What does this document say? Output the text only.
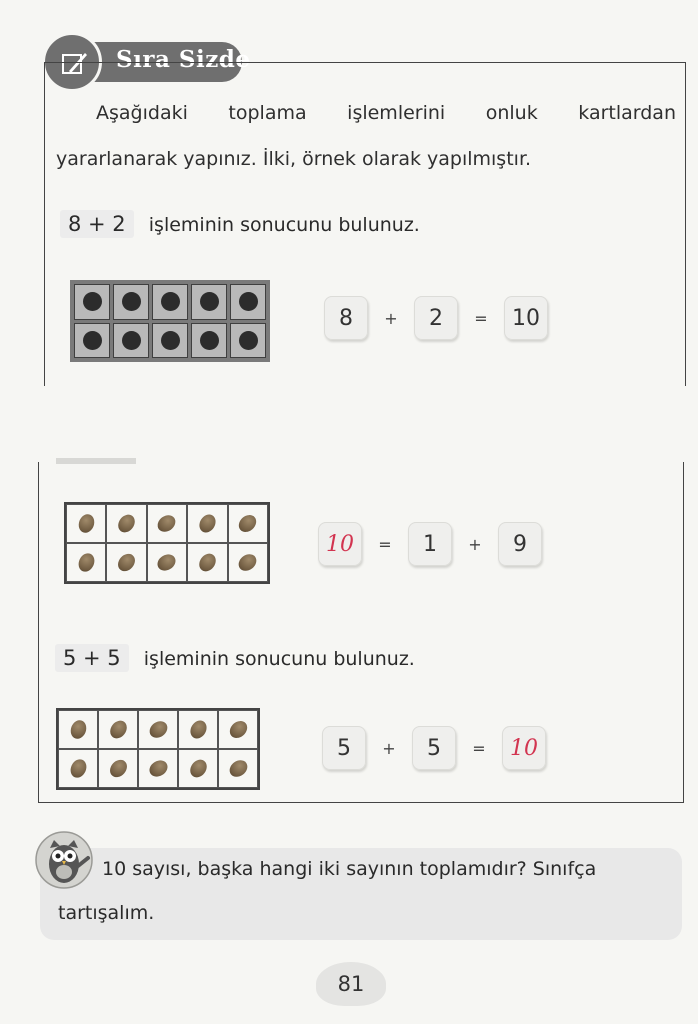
Sıra Sizde
Aşağıdaki toplama işlemlerini onluk kartlardan
yararlanarak yapınız. İlki, örnek olarak yapılmıştır.
8 + 2 işleminin sonucunu bulunuz.
8	+	2	=	10
10	=	1	+	9
5 + 5 işleminin sonucunu bulunuz.
5	+	5	=	10
10 sayısı, başka hangi iki sayının toplamıdır? Sınıfça
tartışalım.
81
